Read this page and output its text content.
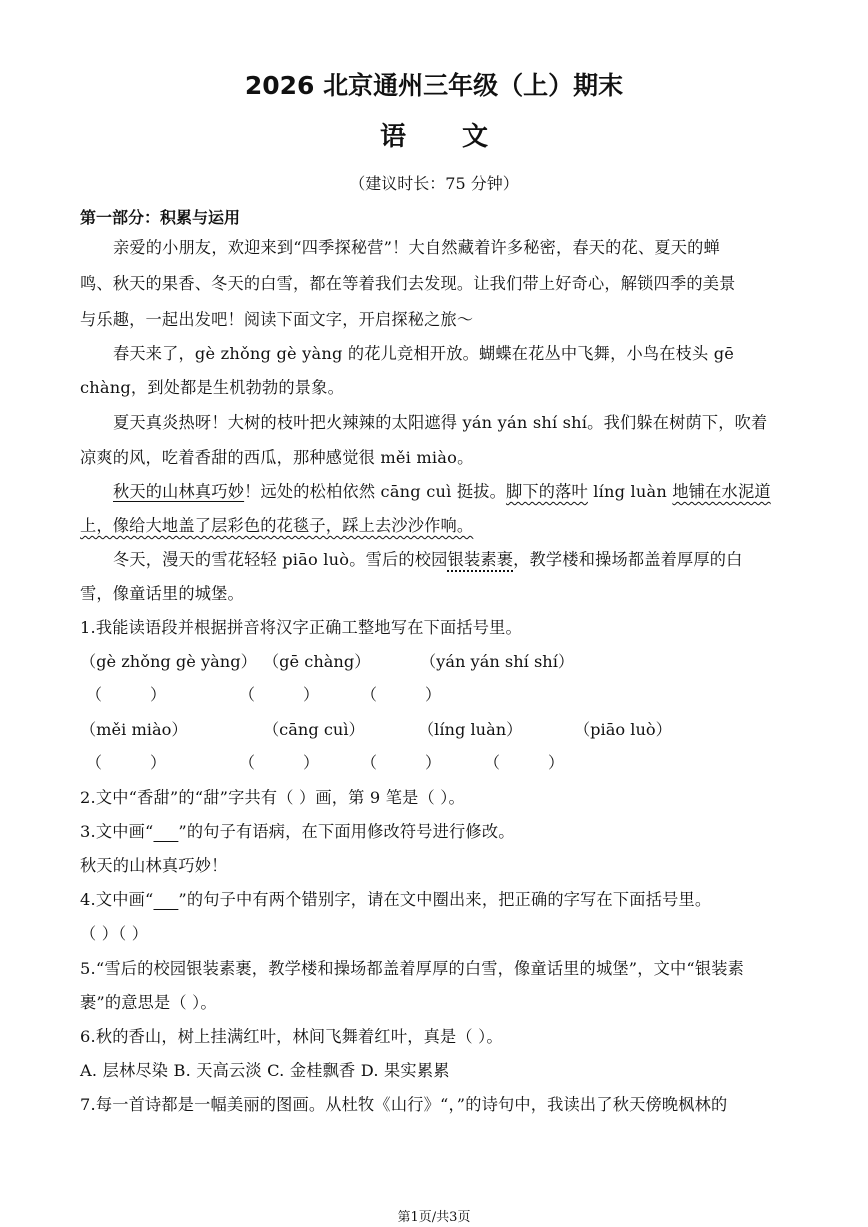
2026 北京通州三年级（上）期末
语文
（建议时长：75 分钟）
第一部分：积累与运用
亲爱的小朋友，欢迎来到“四季探秘营”！大自然藏着许多秘密，春天的花、夏天的蝉
鸣、秋天的果香、冬天的白雪，都在等着我们去发现。让我们带上好奇心，解锁四季的美景
与乐趣，一起出发吧！阅读下面文字，开启探秘之旅～
春天来了，gè zhǒng gè yàng 的花儿竞相开放。蝴蝶在花丛中飞舞，小鸟在枝头 gē
chàng，到处都是生机勃勃的景象。
夏天真炎热呀！大树的枝叶把火辣辣的太阳遮得 yán yán shí shí。我们躲在树荫下，吹着
凉爽的风，吃着香甜的西瓜，那种感觉很 měi miào。
秋天的山林真巧妙！远处的松柏依然 cāng cuì 挺拔。脚下的落叶 líng luàn 地铺在水泥道
上，像给大地盖了层彩色的花毯子，踩上去沙沙作响。
冬天，漫天的雪花轻轻 piāo luò。雪后的校园银装素裹，教学楼和操场都盖着厚厚的白
雪，像童话里的城堡。
1.我能读语段并根据拼音将汉字正确工整地写在下面括号里。
（gè zhǒng gè yàng） （gē chàng）	（yán yán shí shí）
（　　　）	（　　　）	（　　　）
（měi miào）	（cāng cuì）	（líng luàn）	（piāo luò）
（　　　）	（　　　）	（　　　）	（　　　）
2.文中“香甜”的“甜”字共有（ ）画，第 9 笔是（ ）。
3.文中画“    ”的句子有语病，在下面用修改符号进行修改。
秋天的山林真巧妙！
4.文中画“    ”的句子中有两个错别字，请在文中圈出来，把正确的字写在下面括号里。
（ ）（ ）
5.“雪后的校园银装素裹，教学楼和操场都盖着厚厚的白雪，像童话里的城堡”，文中“银装素
裹”的意思是（ ）。
6.秋的香山，树上挂满红叶，林间飞舞着红叶，真是（ ）。
A. 层林尽染 B. 天高云淡 C. 金桂飘香 D. 果实累累
7.每一首诗都是一幅美丽的图画。从杜牧《山行》“，”的诗句中，我读出了秋天傍晚枫林的
第1页/共3页
